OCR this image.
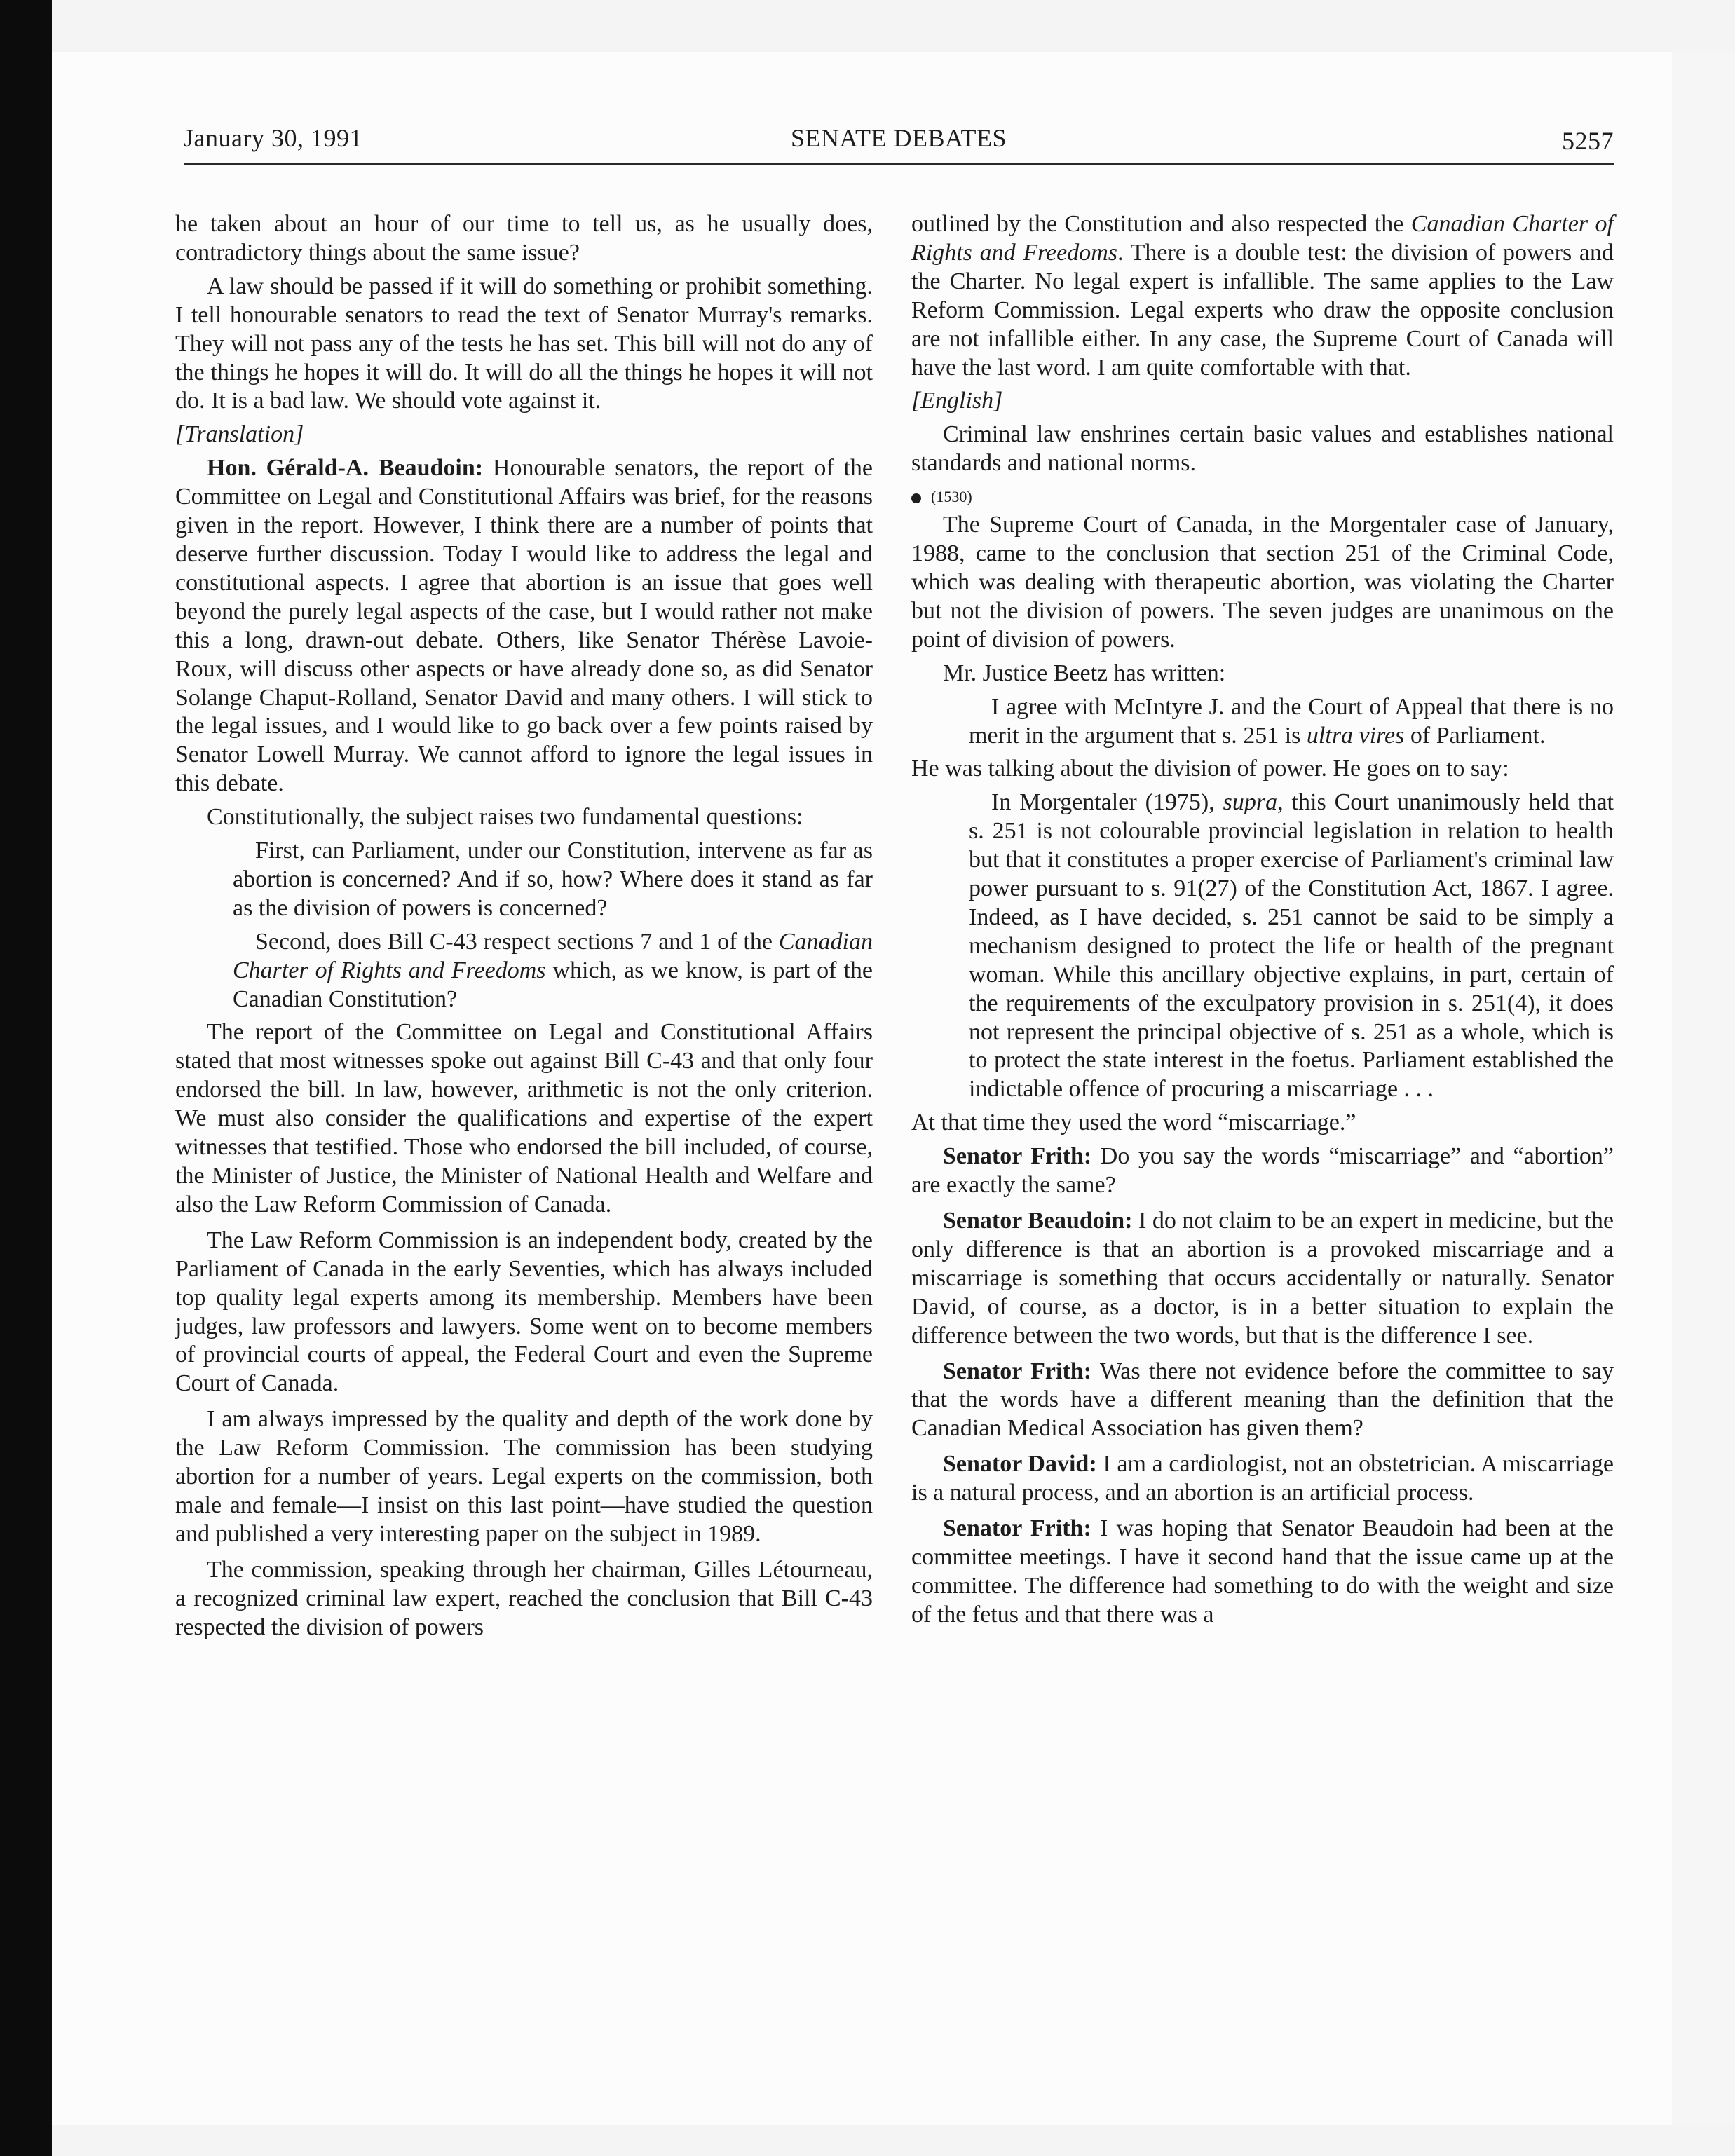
January 30, 1991	SENATE DEBATES	5257

he taken about an hour of our time to tell us, as he usually does, contradictory things about the same issue?

A law should be passed if it will do something or prohibit something. I tell honourable senators to read the text of Senator Murray's remarks. They will not pass any of the tests he has set. This bill will not do any of the things he hopes it will do. It will do all the things he hopes it will not do. It is a bad law. We should vote against it.

[Translation]

Hon. Gérald-A. Beaudoin: Honourable senators, the report of the Committee on Legal and Constitutional Affairs was brief, for the reasons given in the report. However, I think there are a number of points that deserve further discussion. Today I would like to address the legal and constitutional aspects. I agree that abortion is an issue that goes well beyond the purely legal aspects of the case, but I would rather not make this a long, drawn-out debate. Others, like Senator Thérèse Lavoie-Roux, will discuss other aspects or have already done so, as did Senator Solange Chaput-Rolland, Senator David and many others. I will stick to the legal issues, and I would like to go back over a few points raised by Senator Lowell Murray. We cannot afford to ignore the legal issues in this debate.

Constitutionally, the subject raises two fundamental questions:

First, can Parliament, under our Constitution, intervene as far as abortion is concerned? And if so, how? Where does it stand as far as the division of powers is concerned?

Second, does Bill C-43 respect sections 7 and 1 of the Canadian Charter of Rights and Freedoms which, as we know, is part of the Canadian Constitution?

The report of the Committee on Legal and Constitutional Affairs stated that most witnesses spoke out against Bill C-43 and that only four endorsed the bill. In law, however, arithmetic is not the only criterion. We must also consider the qualifications and expertise of the expert witnesses that testified. Those who endorsed the bill included, of course, the Minister of Justice, the Minister of National Health and Welfare and also the Law Reform Commission of Canada.

The Law Reform Commission is an independent body, created by the Parliament of Canada in the early Seventies, which has always included top quality legal experts among its membership. Members have been judges, law professors and lawyers. Some went on to become members of provincial courts of appeal, the Federal Court and even the Supreme Court of Canada.

I am always impressed by the quality and depth of the work done by the Law Reform Commission. The commission has been studying abortion for a number of years. Legal experts on the commission, both male and female—I insist on this last point—have studied the question and published a very interesting paper on the subject in 1989.

The commission, speaking through her chairman, Gilles Létourneau, a recognized criminal law expert, reached the conclusion that Bill C-43 respected the division of powers

outlined by the Constitution and also respected the Canadian Charter of Rights and Freedoms. There is a double test: the division of powers and the Charter. No legal expert is infallible. The same applies to the Law Reform Commission. Legal experts who draw the opposite conclusion are not infallible either. In any case, the Supreme Court of Canada will have the last word. I am quite comfortable with that.

[English]

Criminal law enshrines certain basic values and establishes national standards and national norms.

(1530)

The Supreme Court of Canada, in the Morgentaler case of January, 1988, came to the conclusion that section 251 of the Criminal Code, which was dealing with therapeutic abortion, was violating the Charter but not the division of powers. The seven judges are unanimous on the point of division of powers.

Mr. Justice Beetz has written:

I agree with McIntyre J. and the Court of Appeal that there is no merit in the argument that s. 251 is ultra vires of Parliament.

He was talking about the division of power. He goes on to say:

In Morgentaler (1975), supra, this Court unanimously held that s. 251 is not colourable provincial legislation in relation to health but that it constitutes a proper exercise of Parliament's criminal law power pursuant to s. 91(27) of the Constitution Act, 1867. I agree. Indeed, as I have decided, s. 251 cannot be said to be simply a mechanism designed to protect the life or health of the pregnant woman. While this ancillary objective explains, in part, certain of the requirements of the exculpatory provision in s. 251(4), it does not represent the principal objective of s. 251 as a whole, which is to protect the state interest in the foetus. Parliament established the indictable offence of procuring a miscarriage . . .

At that time they used the word “miscarriage.”

Senator Frith: Do you say the words “miscarriage” and “abortion” are exactly the same?

Senator Beaudoin: I do not claim to be an expert in medicine, but the only difference is that an abortion is a provoked miscarriage and a miscarriage is something that occurs accidentally or naturally. Senator David, of course, as a doctor, is in a better situation to explain the difference between the two words, but that is the difference I see.

Senator Frith: Was there not evidence before the committee to say that the words have a different meaning than the definition that the Canadian Medical Association has given them?

Senator David: I am a cardiologist, not an obstetrician. A miscarriage is a natural process, and an abortion is an artificial process.

Senator Frith: I was hoping that Senator Beaudoin had been at the committee meetings. I have it second hand that the issue came up at the committee. The difference had something to do with the weight and size of the fetus and that there was a
